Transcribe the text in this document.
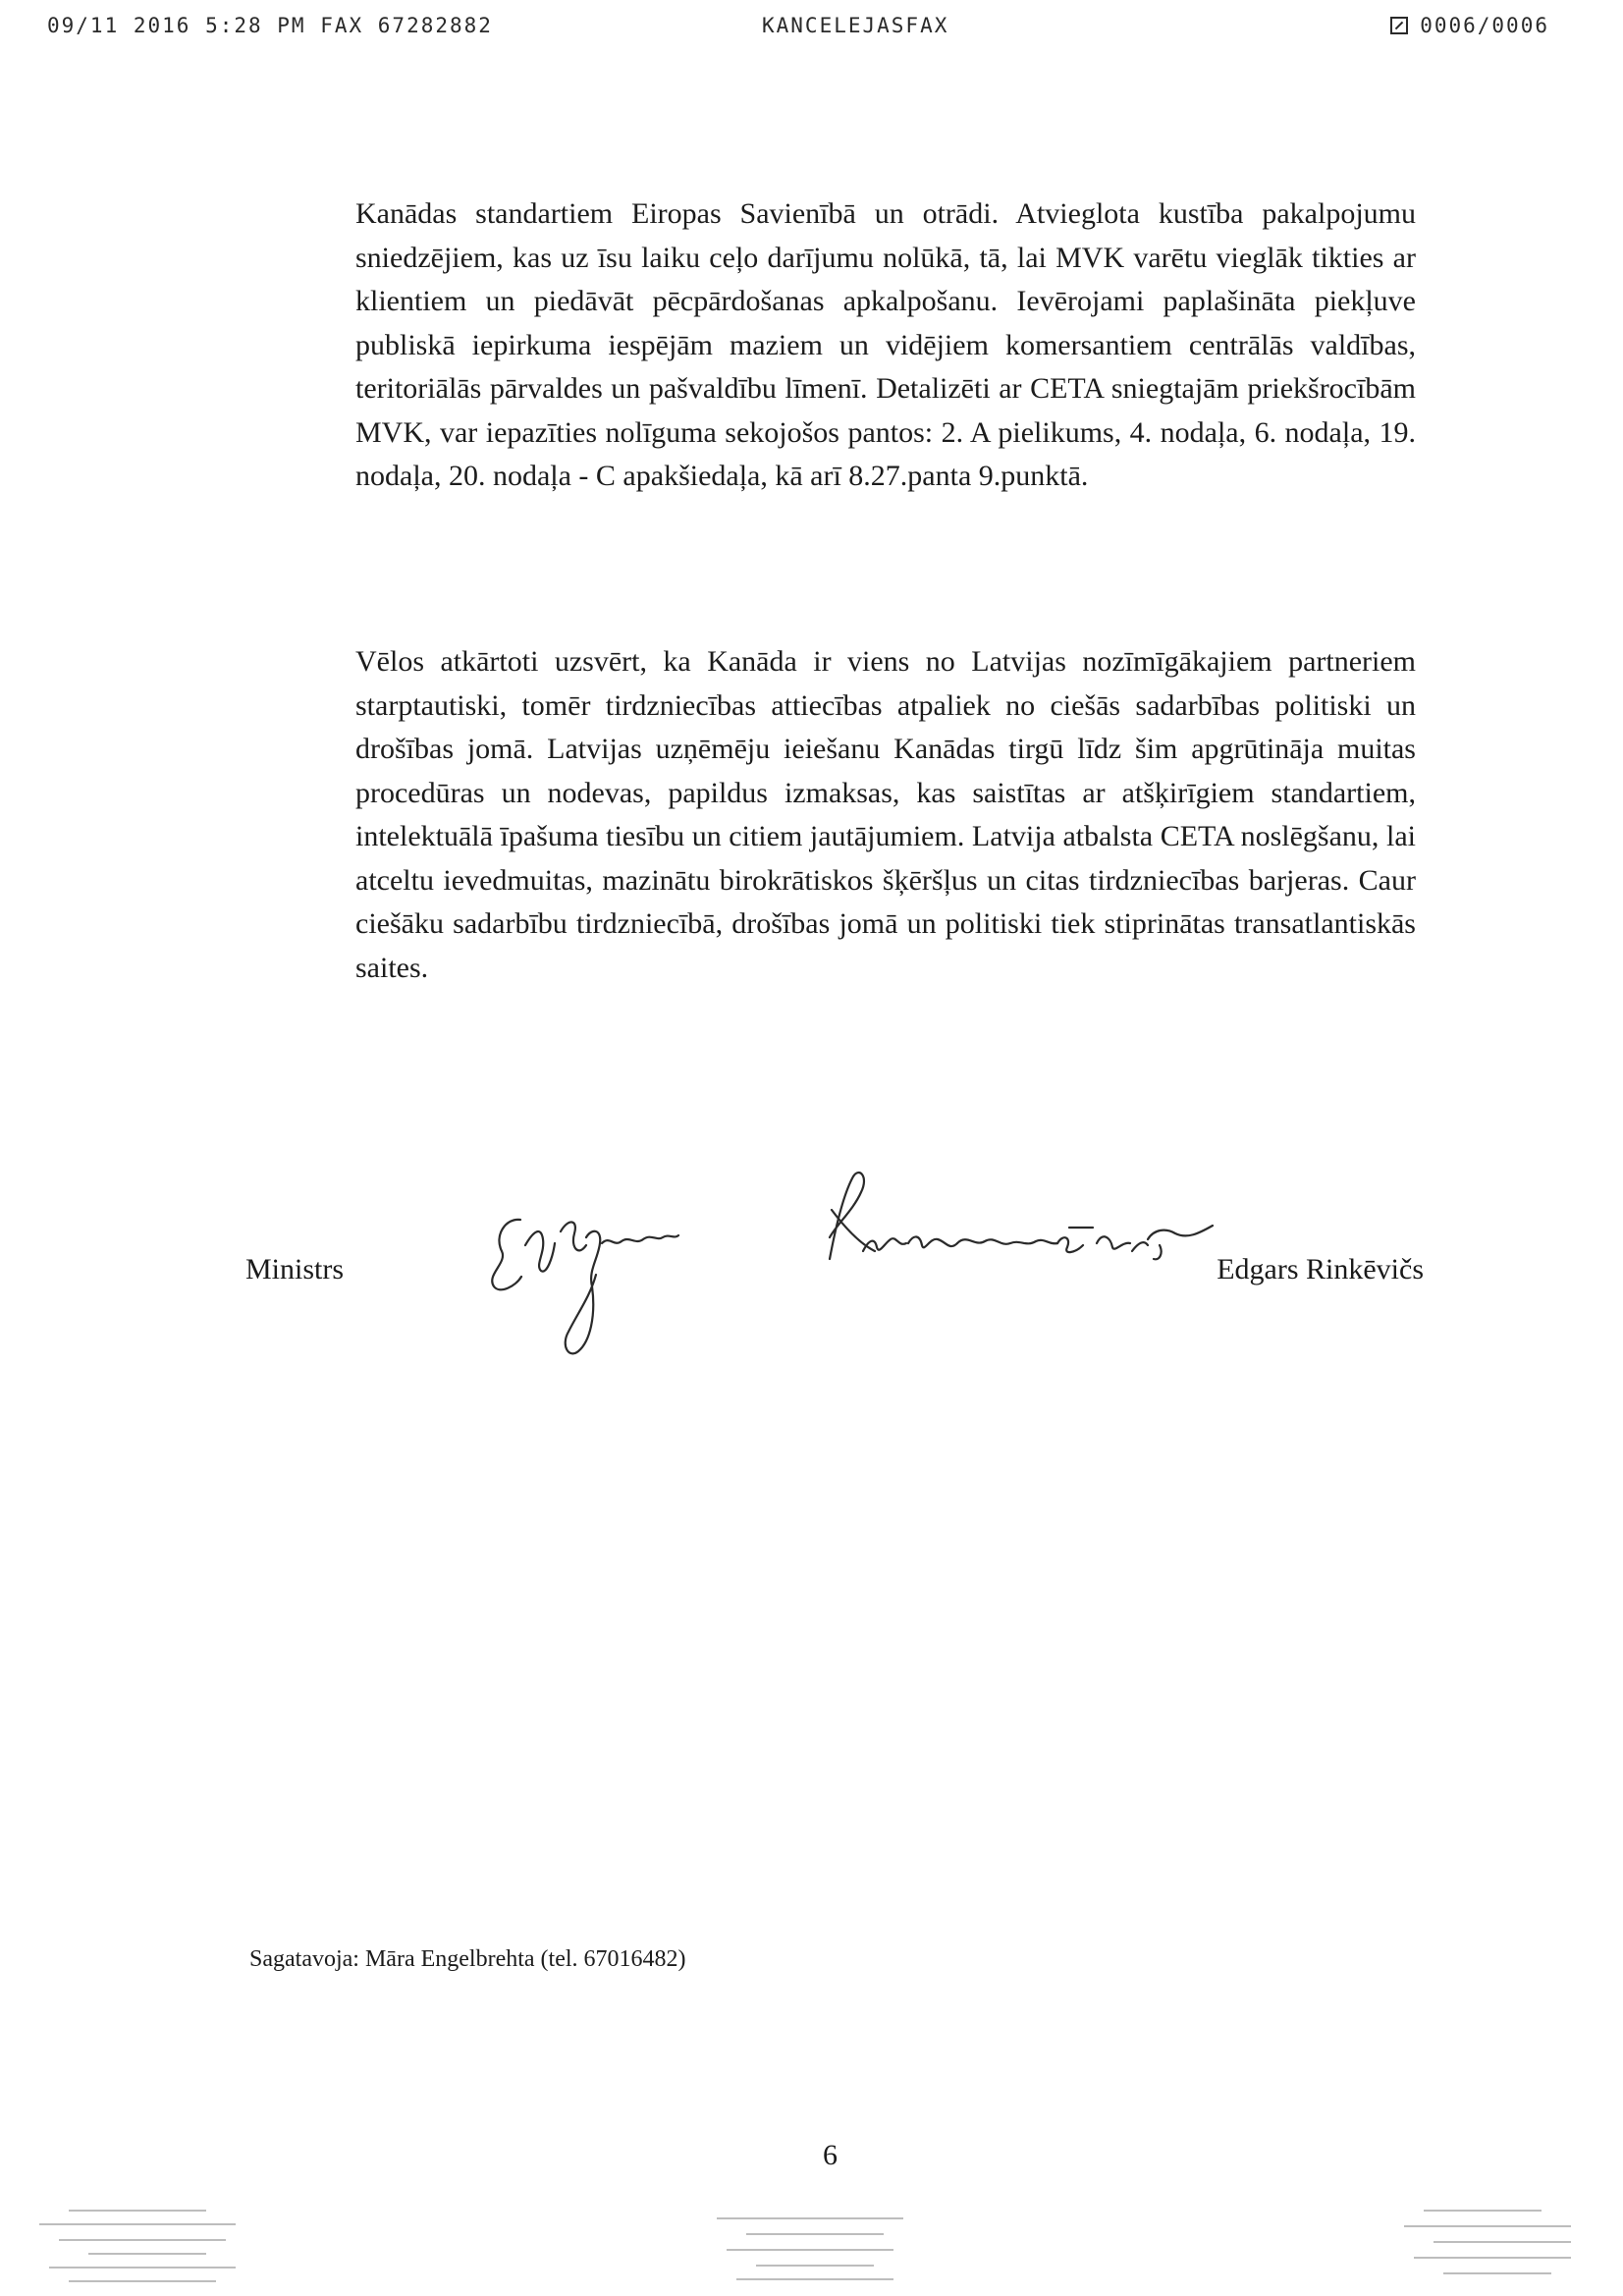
09/11 2016 5:28 PM FAX 67282882	KANCELEJASFAX	0006/0006

Kanādas standartiem Eiropas Savienībā un otrādi. Atvieglota kustība pakalpojumu sniedzējiem, kas uz īsu laiku ceļo darījumu nolūkā, tā, lai MVK varētu vieglāk tikties ar klientiem un piedāvāt pēcpārdošanas apkalpošanu. Ievērojami paplašināta piekļuve publiskā iepirkuma iespējām maziem un vidējiem komersantiem centrālās valdības, teritoriālās pārvaldes un pašvaldību līmenī. Detalizēti ar CETA sniegtajām priekšrocībām MVK, var iepazīties nolīguma sekojošos pantos: 2. A pielikums, 4. nodaļa, 6. nodaļa, 19. nodaļa, 20. nodaļa - C apakšiedaļa, kā arī 8.27.panta 9.punktā.

Vēlos atkārtoti uzsvērt, ka Kanāda ir viens no Latvijas nozīmīgākajiem partneriem starptautiski, tomēr tirdzniecības attiecības atpaliek no ciešās sadarbības politiski un drošības jomā. Latvijas uzņēmēju ieiešanu Kanādas tirgū līdz šim apgrūtināja muitas procedūras un nodevas, papildus izmaksas, kas saistītas ar atšķirīgiem standartiem, intelektuālā īpašuma tiesību un citiem jautājumiem. Latvija atbalsta CETA noslēgšanu, lai atceltu ievedmuitas, mazinātu birokrātiskos šķēršļus un citas tirdzniecības barjeras. Caur ciešāku sadarbību tirdzniecībā, drošības jomā un politiski tiek stiprinātas transatlantiskās saites.

Ministrs	Edgars Rinkēvičs
Sagatavoja: Māra Engelbrehta (tel. 67016482)
6
